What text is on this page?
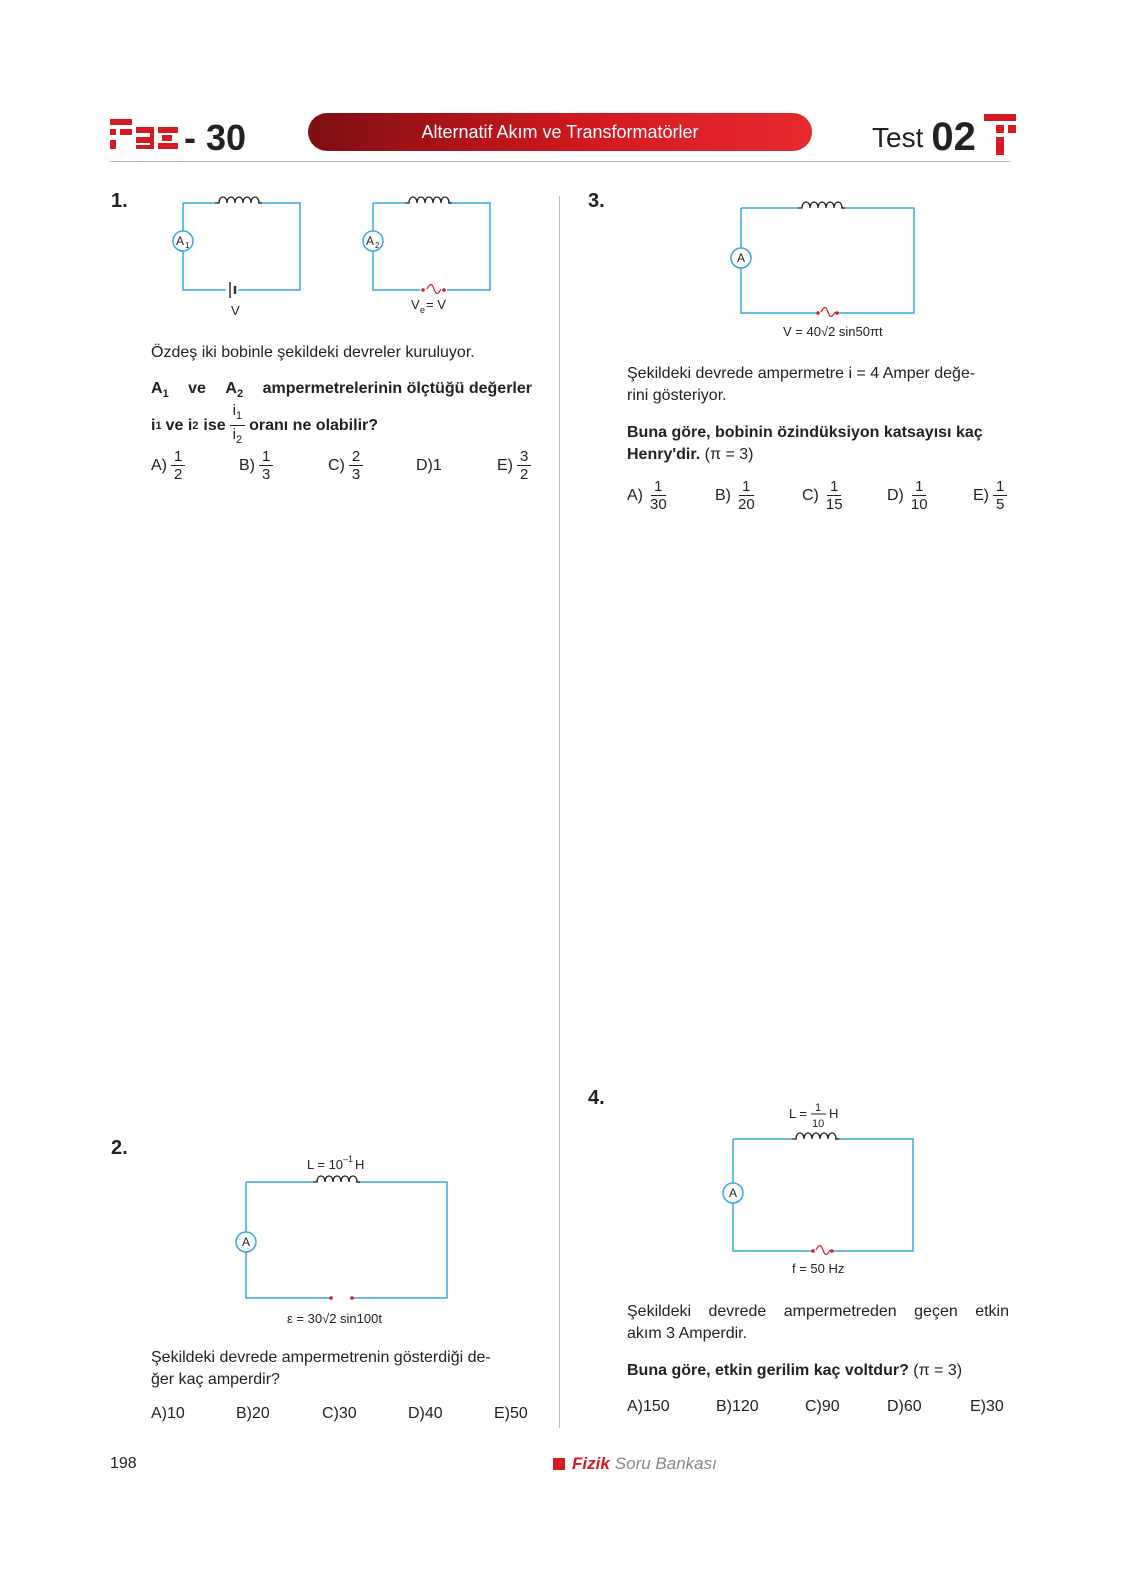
- 30	Alternatif Akım ve Transformatörler	Test 02
1.
A 1
V
A 2
V e = V
Özdeş iki bobinle şekildeki devreler kuruluyor.
$A_1$ ve $A_2$ ampermetrelerinin ölçtüğü değerler
i 1 ve i 2 ise $\frac{i_1}{i_2}$ oranı ne olabilir?
$A) \frac{1}{2}$	$B) \frac{1}{3}$	$C) \frac{2}{3}$	D) 1	$E) \frac{3}{2}$
2.
L = 10 –1 H
A
ε = 30√2 sin100t
Şekildeki devrede ampermetrenin gösterdiği de-
ğer kaç amperdir?
A) 10	B) 20	C) 30	D) 40	E) 50
3.
A
V = 40√2 sin50πt
Şekildeki devrede ampermetre i = 4 Amper değe-
rini gösteriyor.
Buna göre, bobinin özindüksiyon katsayısı kaç
Henry'dir. (π = 3)
$A) \frac{1}{30}$	$B) \frac{1}{20}$	$C) \frac{1}{15}$	$D) \frac{1}{10}$	$E) \frac{1}{5}$
4.
L = 1
10
H
A
f = 50 Hz
Şekildeki devrede ampermetreden geçen etkin
akım 3 Amperdir.
Buna göre, etkin gerilim kaç voltdur? (π = 3)
A) 150	B) 120	C) 90	D) 60	E) 30
198	Fizik Soru Bankası
